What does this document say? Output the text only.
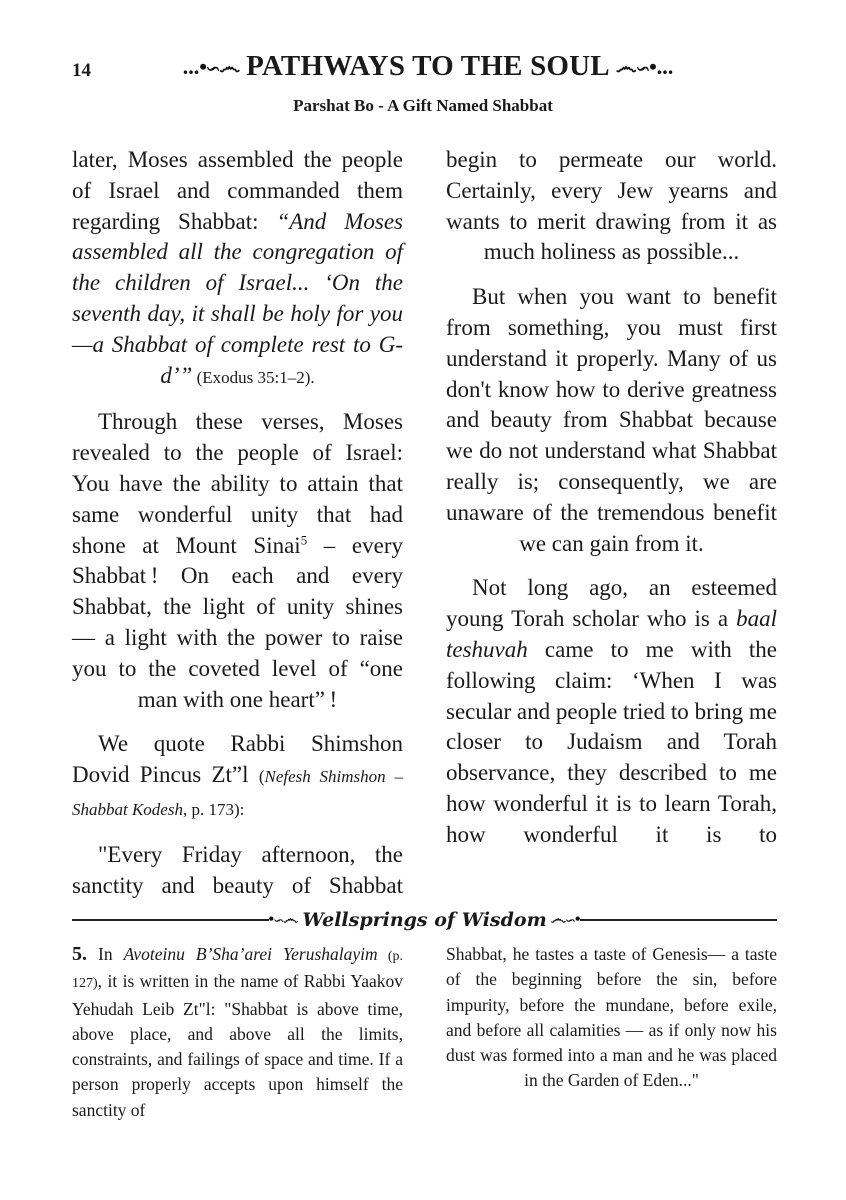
14	...•∽෴ PATHWAYS TO THE SOUL ෴∽•...
Parshat Bo - A Gift Named Shabbat

later, Moses assembled the people of Israel and commanded them regarding Shabbat: “And Moses assembled all the congregation of the children of Israel... ‘On the seventh day, it shall be holy for you—a Shabbat of complete rest to G-d’” (Exodus 35:1–2).

Through these verses, Moses revealed to the people of Israel: You have the ability to attain that same wonderful unity that had shone at Mount Sinai$^5$ – every Shabbat ! On each and every Shabbat, the light of unity shines — a light with the power to raise you to the coveted level of “one man with one heart” !

We quote Rabbi Shimshon Dovid Pincus Zt”l (Nefesh Shimshon – Shabbat Kodesh, p. 173):

"Every Friday afternoon, the sanctity and beauty of Shabbat

begin to permeate our world. Certainly, every Jew yearns and wants to merit drawing from it as much holiness as possible...

But when you want to benefit from something, you must first understand it properly. Many of us don't know how to derive greatness and beauty from Shabbat because we do not understand what Shabbat really is; consequently, we are unaware of the tremendous benefit we can gain from it.

Not long ago, an esteemed young Torah scholar who is a baal teshuvah came to me with the following claim: ‘When I was secular and people tried to bring me closer to Judaism and Torah observance, they described to me how wonderful it is to learn Torah, how wonderful it is to

•∽෴ Wellsprings of Wisdom ෴∽•

5. In Avoteinu B’Sha’arei Yerushalayim (p. 127), it is written in the name of Rabbi Yaakov Yehudah Leib Zt"l: "Shabbat is above time, above place, and above all the limits, constraints, and failings of space and time. If a person properly accepts upon himself the sanctity of

Shabbat, he tastes a taste of Genesis— a taste of the beginning before the sin, before impurity, before the mundane, before exile, and before all calamities — as if only now his dust was formed into a man and he was placed in the Garden of Eden..."
